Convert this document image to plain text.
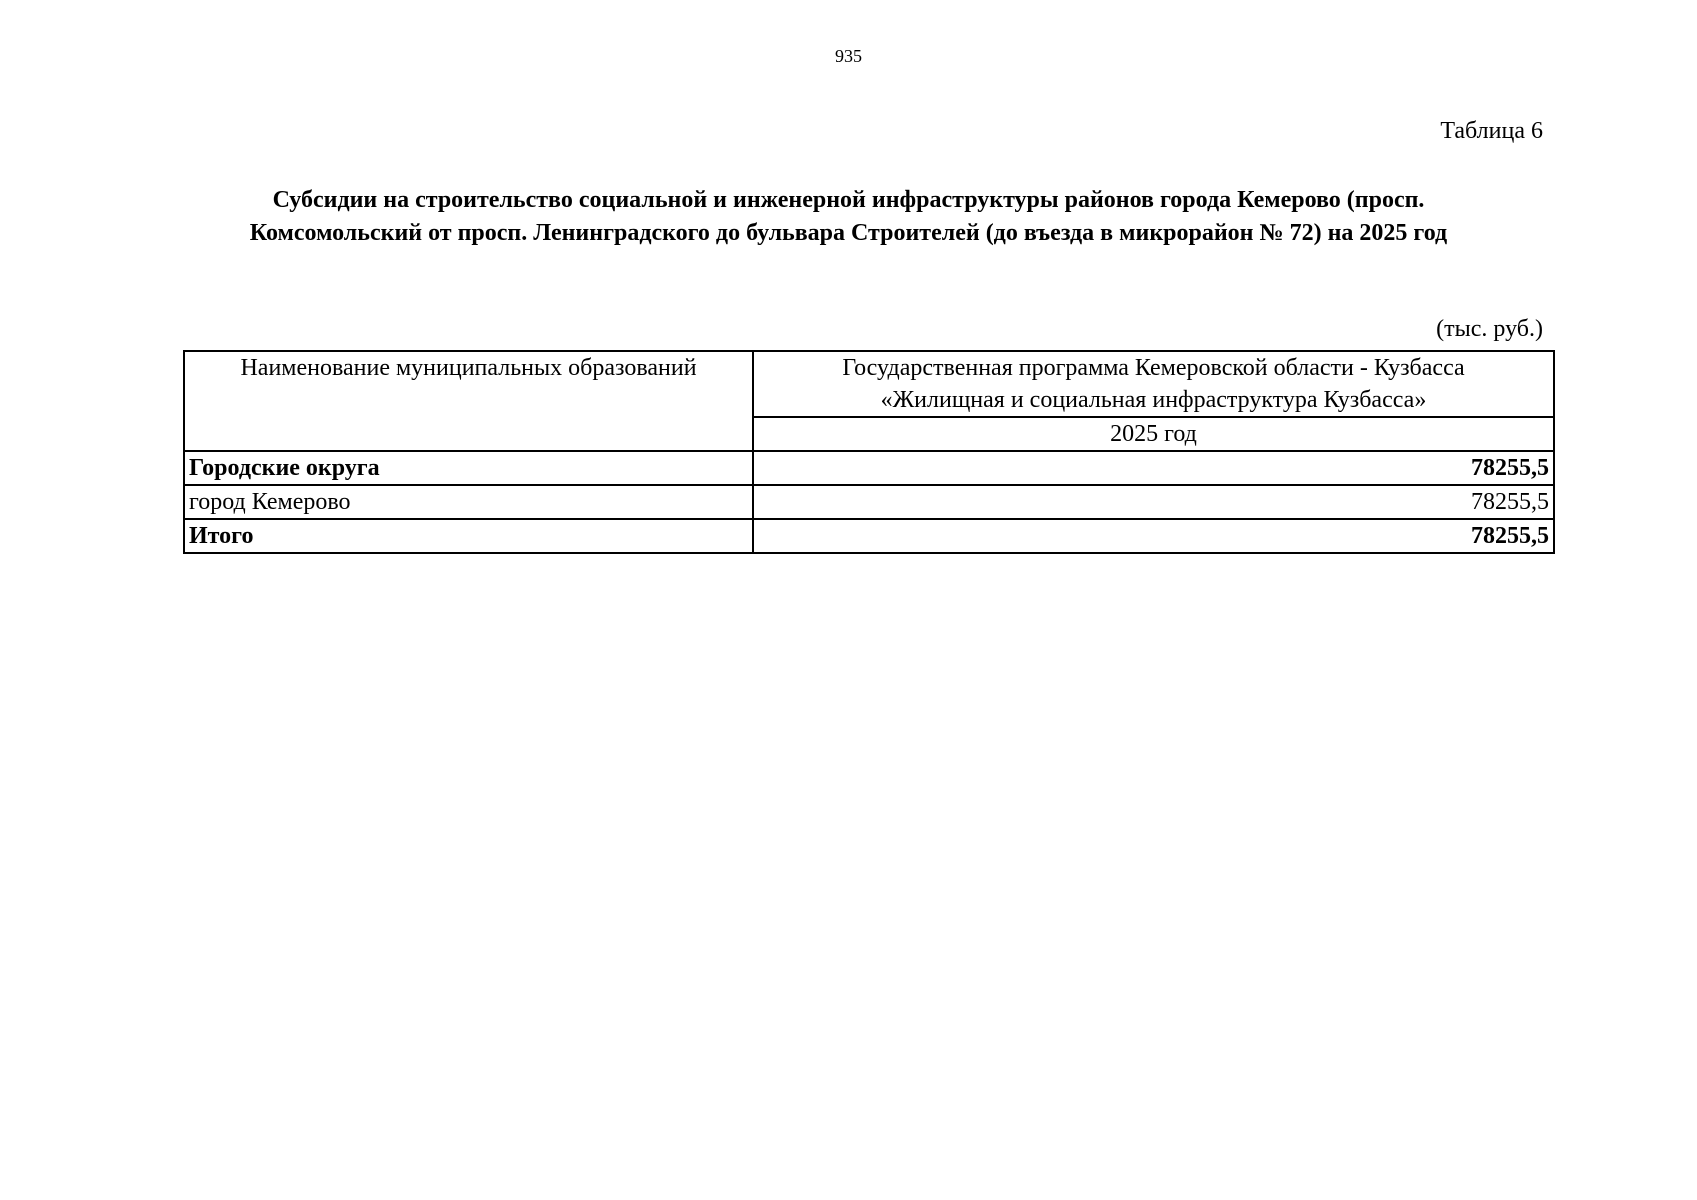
935
Таблица 6
Субсидии на строительство социальной и инженерной инфраструктуры районов города Кемерово (просп.
Комсомольский от просп. Ленинградского до бульвара Строителей (до въезда в микрорайон № 72) на 2025 год
(тыс. руб.)
Наименование муниципальных образований	Государственная программа Кемеровской области - Кузбасса
«Жилищная и социальная инфраструктура Кузбасса»

	2025 год
Городские округа	78255,5
город Кемерово	78255,5
Итого	78255,5
